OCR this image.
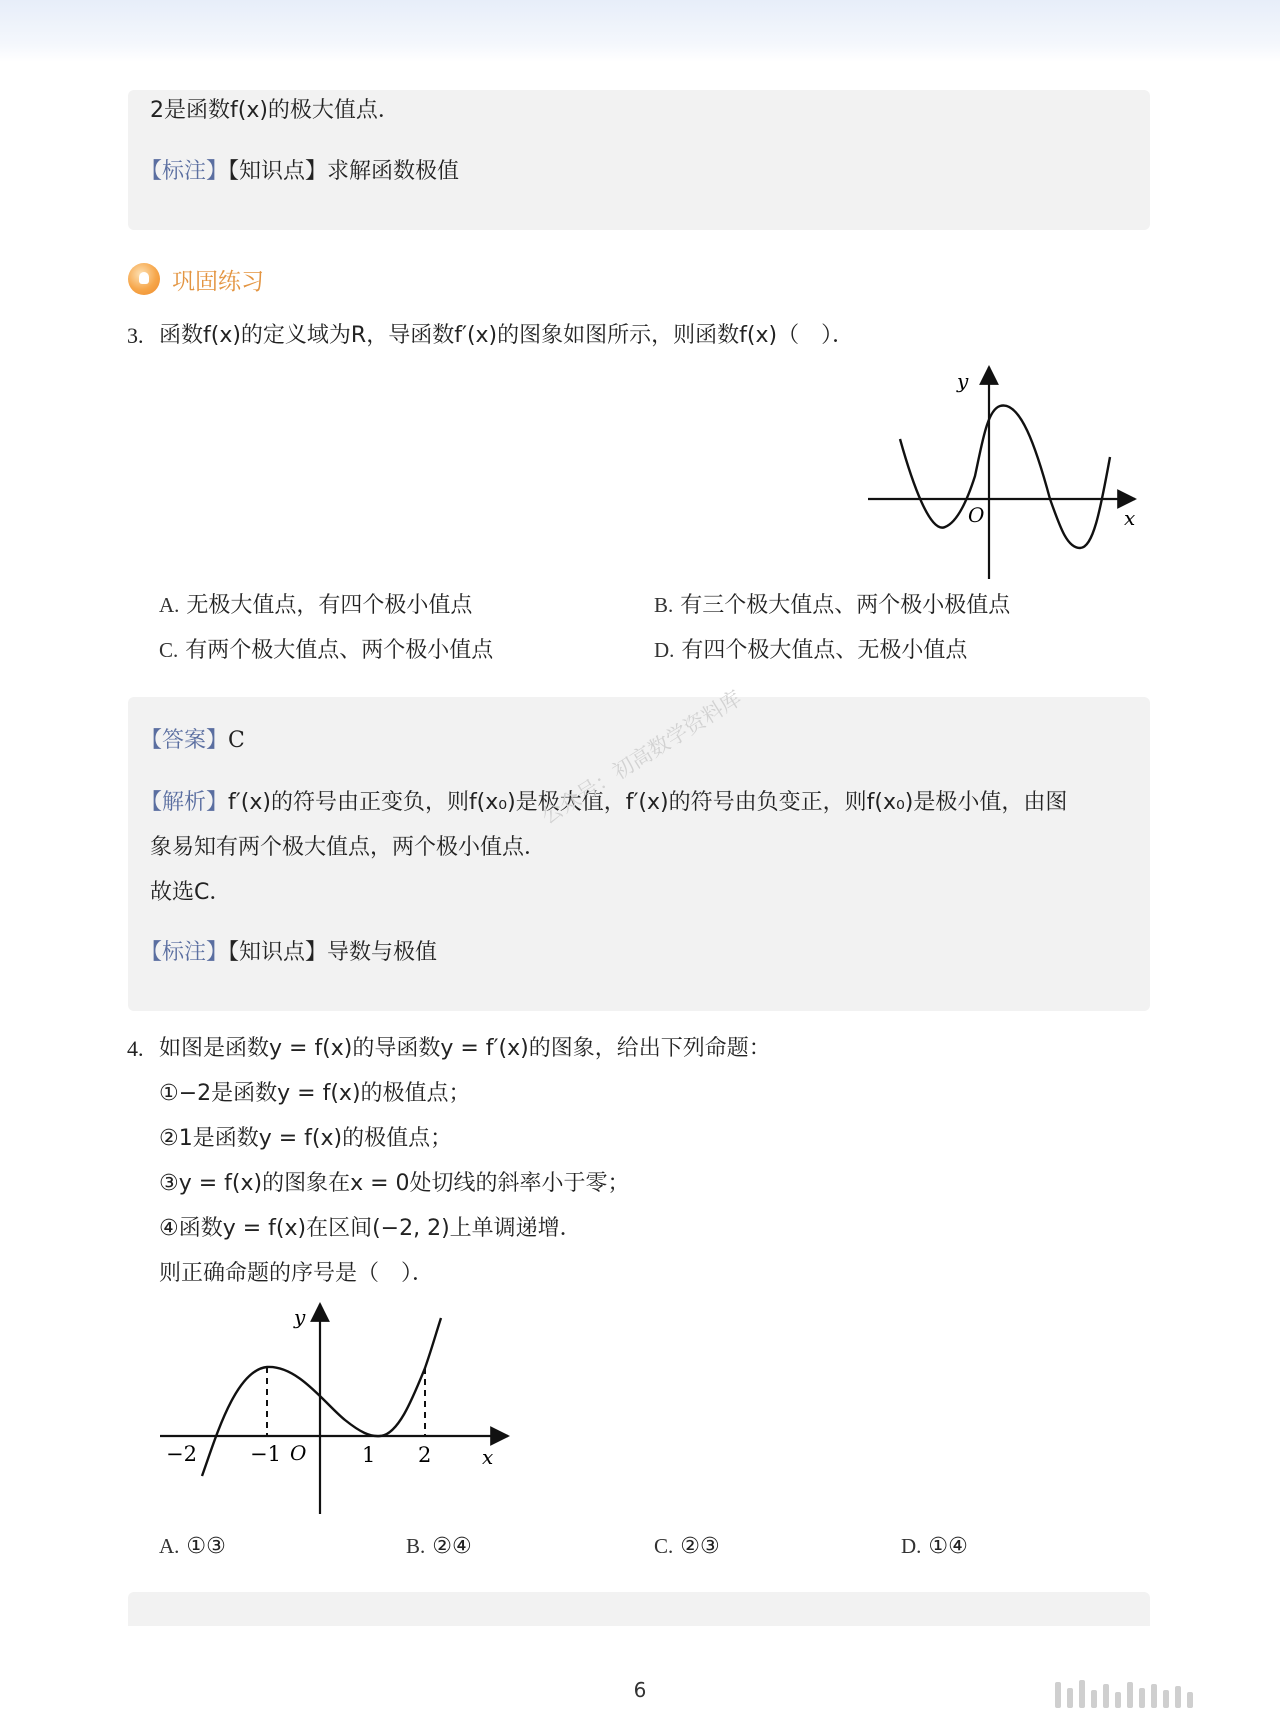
2是函数f(x)的极大值点．
【标注】【知识点】求解函数极值
巩固练习
3. 函数f(x)的定义域为R，导函数f′(x)的图象如图所示，则函数f(x)（　）．
y
x
O
A. 无极大值点，有四个极小值点	B. 有三个极大值点、两个极小极值点
C. 有两个极大值点、两个极小值点	D. 有四个极大值点、无极小值点
【答案】C
【解析】f′(x)的符号由正变负，则f(x₀)是极大值，f′(x)的符号由负变正，则f(x₀)是极小值，由图
象易知有两个极大值点，两个极小值点．
故选C．
【标注】【知识点】导数与极值
公众号：初高数学资料库
4. 如图是函数y = f(x)的导函数y = f′(x)的图象，给出下列命题：
①−2是函数y = f(x)的极值点；
②1是函数y = f(x)的极值点；
③y = f(x)的图象在x = 0处切线的斜率小于零；
④函数y = f(x)在区间(−2, 2)上单调递增．
则正确命题的序号是（　）．
y
x
O
−2	−1	1 2
A. ①③	B. ②④	C. ②③	D. ①④
6
